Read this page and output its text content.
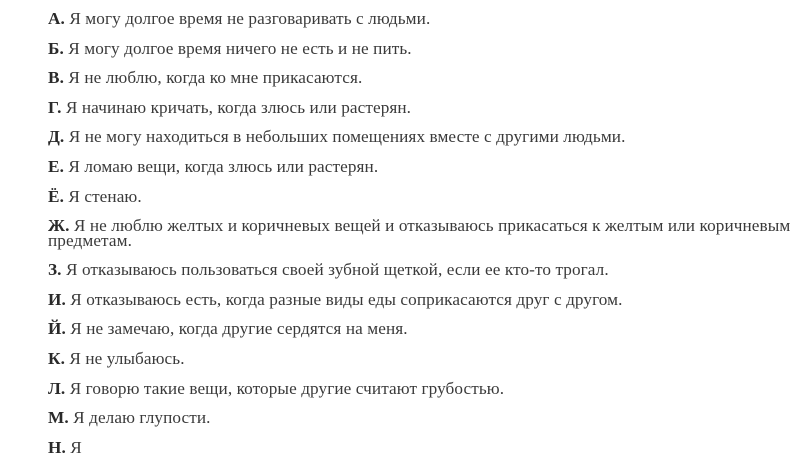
А. Я могу долгое время не разговаривать с людьми.
Б. Я могу долгое время ничего не есть и не пить.
В. Я не люблю, когда ко мне прикасаются.
Г. Я начинаю кричать, когда злюсь или растерян.
Д. Я не могу находиться в небольших помещениях вместе с другими людьми.
Е. Я ломаю вещи, когда злюсь или растерян.
Ё. Я стенаю.
Ж. Я не люблю желтых и коричневых вещей и отказываюсь прикасаться к желтым или коричневым предметам.
З. Я отказываюсь пользоваться своей зубной щеткой, если ее кто-то трогал.
И. Я отказываюсь есть, когда разные виды еды соприкасаются друг с другом.
Й. Я не замечаю, когда другие сердятся на меня.
К. Я не улыбаюсь.
Л. Я говорю такие вещи, которые другие считают грубостью.
М. Я делаю глупости.
Н. Я
